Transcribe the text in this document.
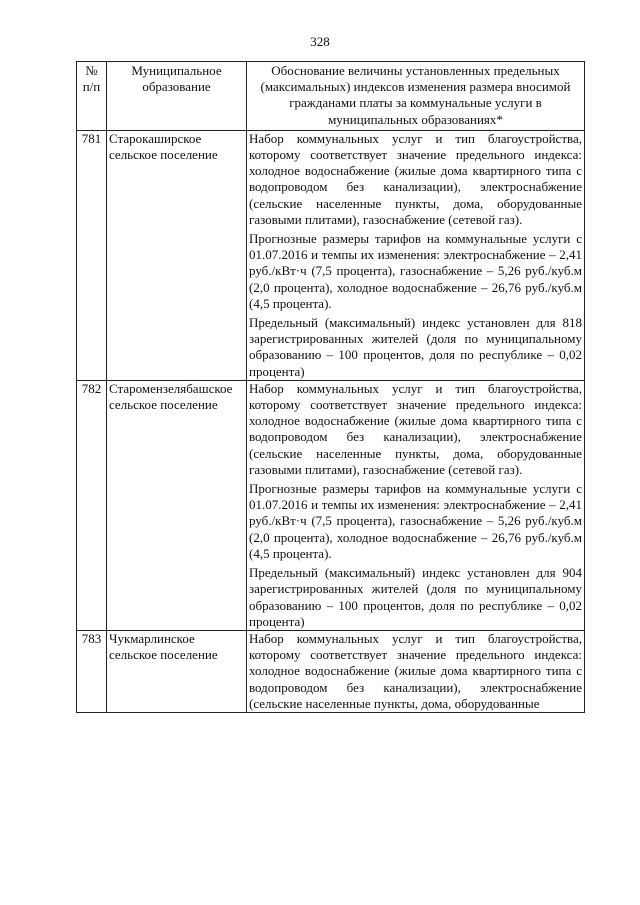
328
№
п/п	Муниципальное образование	Обоснование величины установленных предельных (максимальных) индексов изменения размера вносимой гражданами платы за коммунальные услуги в муниципальных образованиях*
781	Старокаширское сельское поселение	Набор коммунальных услуг и тип благоустройства, которому соответствует значение предельного индекса: холодное водоснабжение (жилые дома квартирного типа с водопроводом без канализации), электроснабжение (сельские населенные пункты, дома, оборудованные газовыми плитами), газоснабжение (сетевой газ).

Прогнозные размеры тарифов на коммунальные услуги с 01.07.2016 и темпы их изменения: электроснабжение – 2,41 руб./кВт·ч (7,5 процента), газоснабжение – 5,26 руб./куб.м (2,0 процента), холодное водоснабжение – 26,76 руб./куб.м (4,5 процента).

Предельный (максимальный) индекс установлен для 818 зарегистрированных жителей (доля по муниципальному образованию – 100 процентов, доля по республике – 0,02 процента)

782	Старомензелябашское сельское поселение	Набор коммунальных услуг и тип благоустройства, которому соответствует значение предельного индекса: холодное водоснабжение (жилые дома квартирного типа с водопроводом без канализации), электроснабжение (сельские населенные пункты, дома, оборудованные газовыми плитами), газоснабжение (сетевой газ).

Прогнозные размеры тарифов на коммунальные услуги с 01.07.2016 и темпы их изменения: электроснабжение – 2,41 руб./кВт·ч (7,5 процента), газоснабжение – 5,26 руб./куб.м (2,0 процента), холодное водоснабжение – 26,76 руб./куб.м (4,5 процента).

Предельный (максимальный) индекс установлен для 904 зарегистрированных жителей (доля по муниципальному образованию – 100 процентов, доля по республике – 0,02 процента)

783	Чукмарлинское сельское поселение	Набор коммунальных услуг и тип благоустройства, которому соответствует значение предельного индекса: холодное водоснабжение (жилые дома квартирного типа с водопроводом без канализации), электроснабжение (сельские населенные пункты, дома, оборудованные
